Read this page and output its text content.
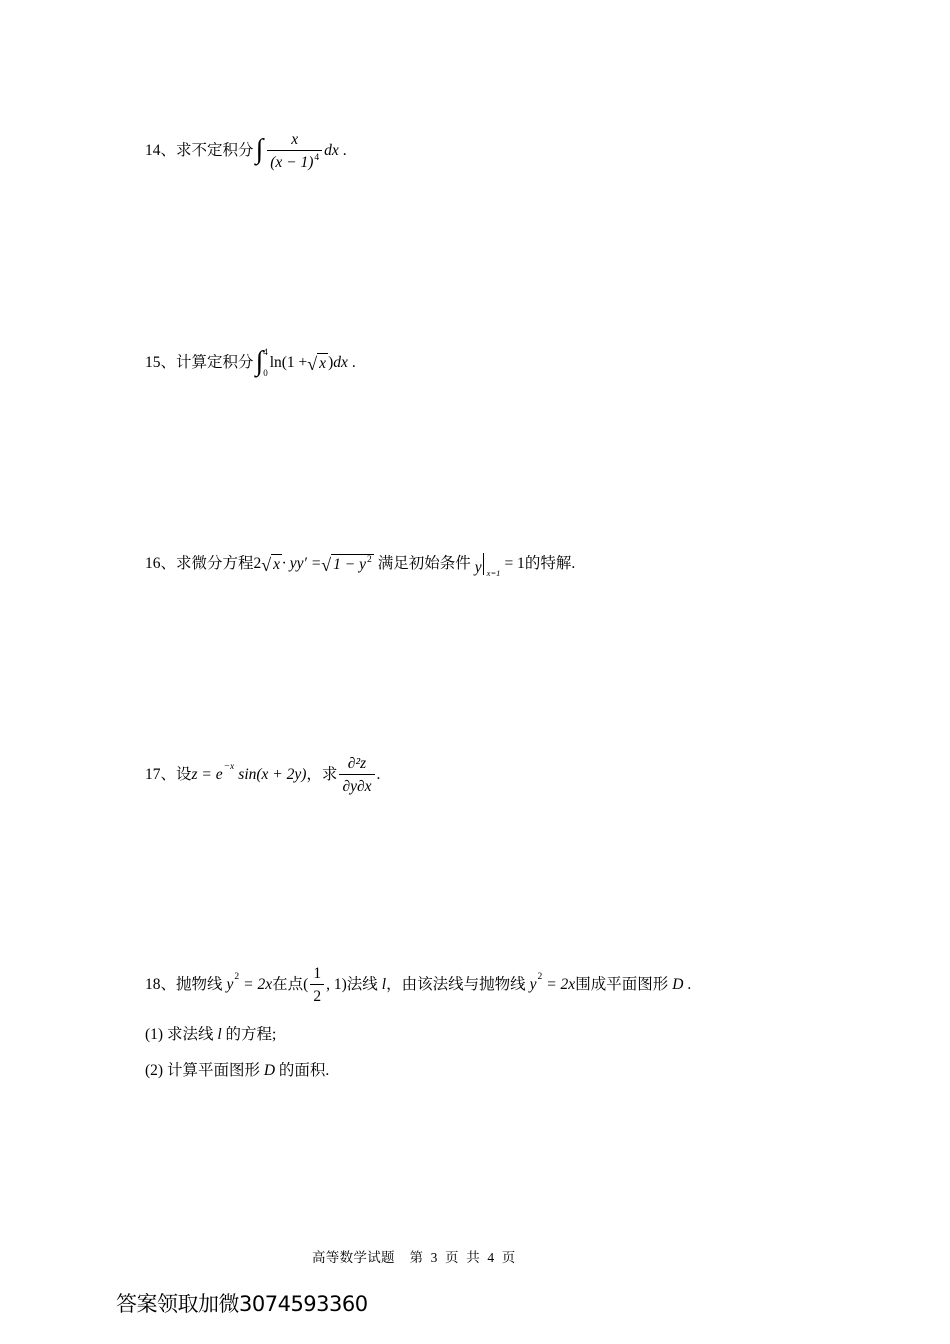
14、求不定积分 ∫ $\frac{x}{(x - 1)^4}$ dx .
15、计算定积分 ∫ 4
0
ln(1 + √ x ) dx .
16、求微分方程 2 √ x · yy′ = √ $1 - y^2$ 满足初始条件 y x=1
= 1 的特解.
17、设 z = e −x sin(x + 2y) ，求 $\frac{\text{∂²z}}{\partial y\partial x}$ .
18、抛物线 y 2 = 2x 在点 ( $\frac{1}{2}$ , 1) 法线 l ，由该法线与抛物线 y 2 = 2x 围成平面图形 D .
(1) 求法线 l 的方程;
(2) 计算平面图形 D 的面积.
高等数学试题    第  3  页  共  4  页
答案领取加微3074593360
